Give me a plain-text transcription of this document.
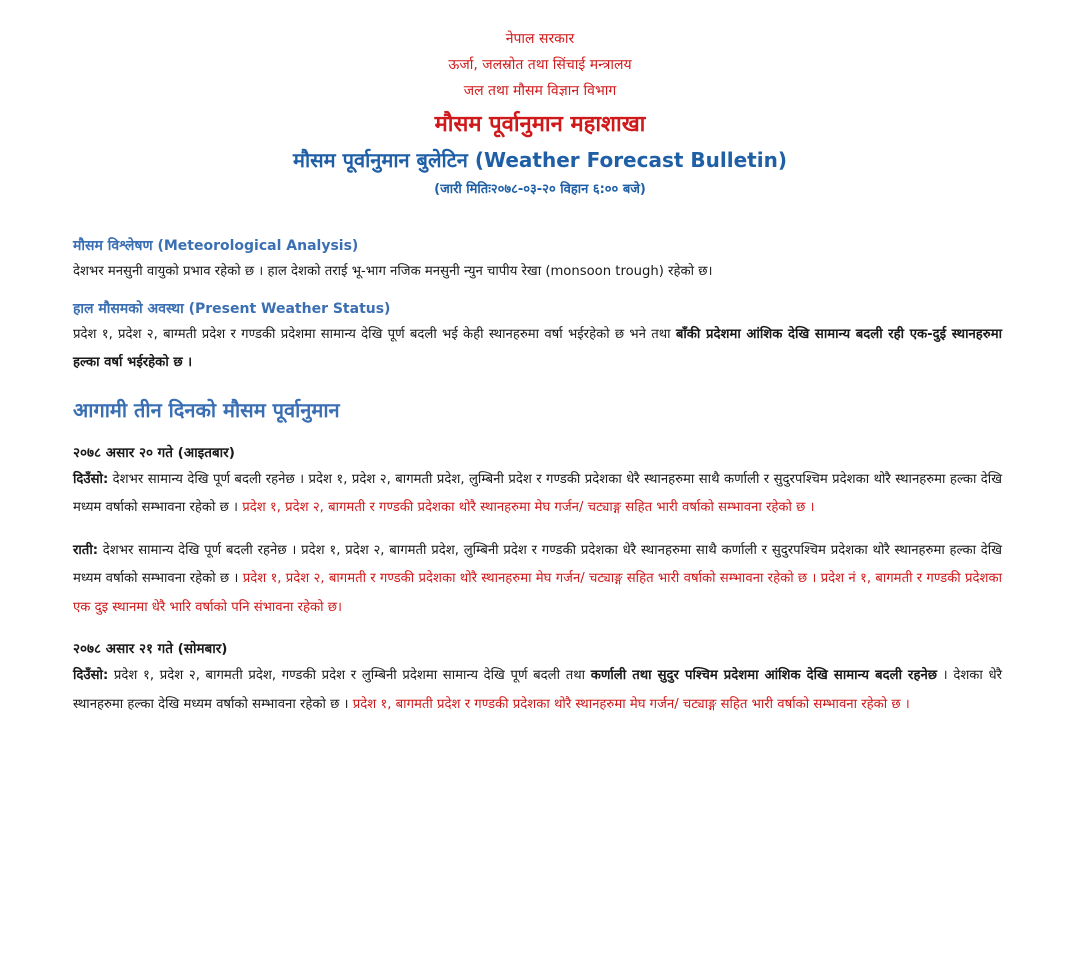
नेपाल सरकार
ऊर्जा, जलस्रोत तथा सिंचाई मन्त्रालय
जल तथा मौसम विज्ञान विभाग
मौसम पूर्वानुमान महाशाखा
मौसम पूर्वानुमान बुलेटिन (Weather Forecast Bulletin)
(जारी मितिः२०७८-०३-२० विहान ६:०० बजे)
मौसम विश्लेषण (Meteorological Analysis)

देशभर मनसुनी वायुको प्रभाव रहेको छ । हाल देशको तराई भू-भाग नजिक मनसुनी न्युन चापीय रेखा (monsoon trough) रहेको छ।

हाल मौसमको अवस्था (Present Weather Status)

प्रदेश १, प्रदेश २, बाग्मती प्रदेश र गण्डकी प्रदेशमा सामान्य देखि पूर्ण बदली भई केही स्थानहरुमा वर्षा भईरहेको छ भने तथा बाँकी प्रदेशमा आंशिक देखि सामान्य बदली रही एक-दुई स्थानहरुमा हल्का वर्षा भईरहेको छ ।

आगामी तीन दिनको मौसम पूर्वानुमान
२०७८ असार २० गते (आइतबार)

दिउँसो: देशभर सामान्य देखि पूर्ण बदली रहनेछ । प्रदेश १, प्रदेश २, बागमती प्रदेश, लुम्बिनी प्रदेश र गण्डकी प्रदेशका धेरै स्थानहरुमा साथै कर्णाली र सुदुरपश्चिम प्रदेशका थोरै स्थानहरुमा हल्का देखि मध्यम वर्षाको सम्भावना रहेको छ । प्रदेश १, प्रदेश २, बागमती र गण्डकी प्रदेशका थोरै स्थानहरुमा मेघ गर्जन/ चट्याङ्ग सहित भारी वर्षाको सम्भावना रहेको छ ।

राती: देशभर सामान्य देखि पूर्ण बदली रहनेछ । प्रदेश १, प्रदेश २, बागमती प्रदेश, लुम्बिनी प्रदेश र गण्डकी प्रदेशका धेरै स्थानहरुमा साथै कर्णाली र सुदुरपश्चिम प्रदेशका थोरै स्थानहरुमा हल्का देखि मध्यम वर्षाको सम्भावना रहेको छ । प्रदेश १, प्रदेश २, बागमती र गण्डकी प्रदेशका थोरै स्थानहरुमा मेघ गर्जन/ चट्याङ्ग सहित भारी वर्षाको सम्भावना रहेको छ । प्रदेश नं १, बागमती र गण्डकी प्रदेशका एक दुइ स्थानमा धेरै भारि वर्षाको पनि संभावना रहेको छ।

२०७८ असार २१ गते (सोमबार)

दिउँसो: प्रदेश १, प्रदेश २, बागमती प्रदेश, गण्डकी प्रदेश र लुम्बिनी प्रदेशमा सामान्य देखि पूर्ण बदली तथा कर्णाली तथा सुदुर पश्चिम प्रदेशमा आंशिक देखि सामान्य बदली रहनेछ । देशका धेरै स्थानहरुमा हल्का देखि मध्यम वर्षाको सम्भावना रहेको छ । प्रदेश १, बागमती प्रदेश र गण्डकी प्रदेशका थोरै स्थानहरुमा मेघ गर्जन/ चट्याङ्ग सहित भारी वर्षाको सम्भावना रहेको छ ।
